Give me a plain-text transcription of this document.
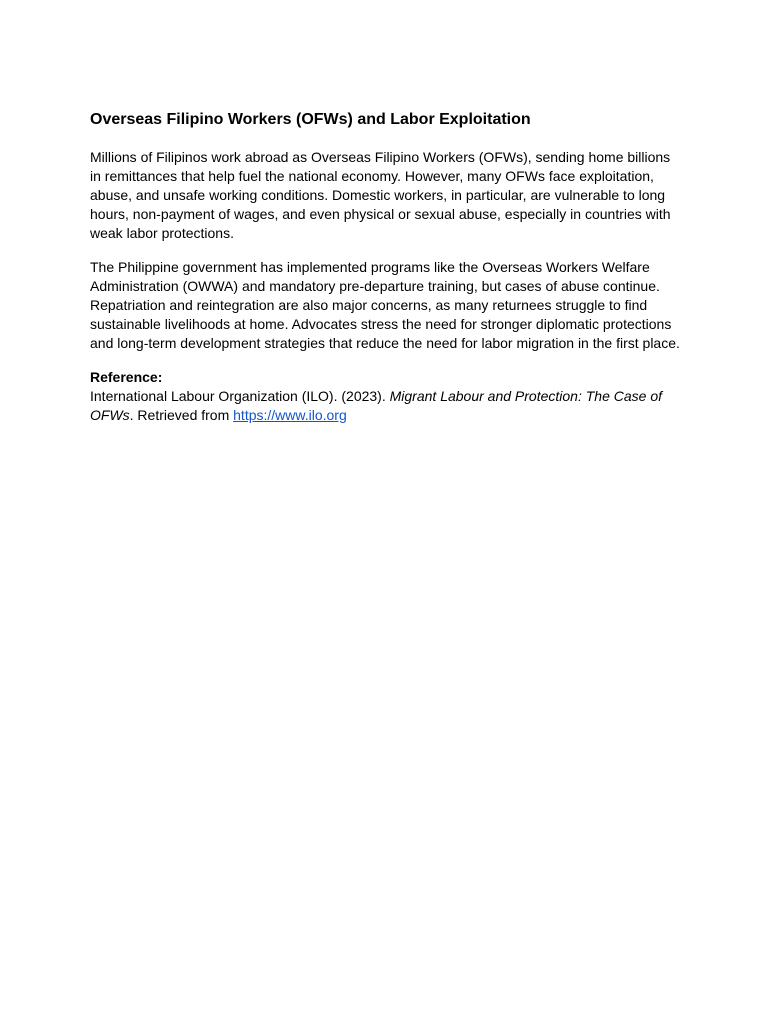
Overseas Filipino Workers (OFWs) and Labor Exploitation

Millions of Filipinos work abroad as Overseas Filipino Workers (OFWs), sending home billions in remittances that help fuel the national economy. However, many OFWs face exploitation, abuse, and unsafe working conditions. Domestic workers, in particular, are vulnerable to long hours, non-payment of wages, and even physical or sexual abuse, especially in countries with weak labor protections.

The Philippine government has implemented programs like the Overseas Workers Welfare Administration (OWWA) and mandatory pre-departure training, but cases of abuse continue. Repatriation and reintegration are also major concerns, as many returnees struggle to find sustainable livelihoods at home. Advocates stress the need for stronger diplomatic protections and long-term development strategies that reduce the need for labor migration in the first place.

Reference:

International Labour Organization (ILO). (2023). Migrant Labour and Protection: The Case of OFWs. Retrieved from https://www.ilo.org
